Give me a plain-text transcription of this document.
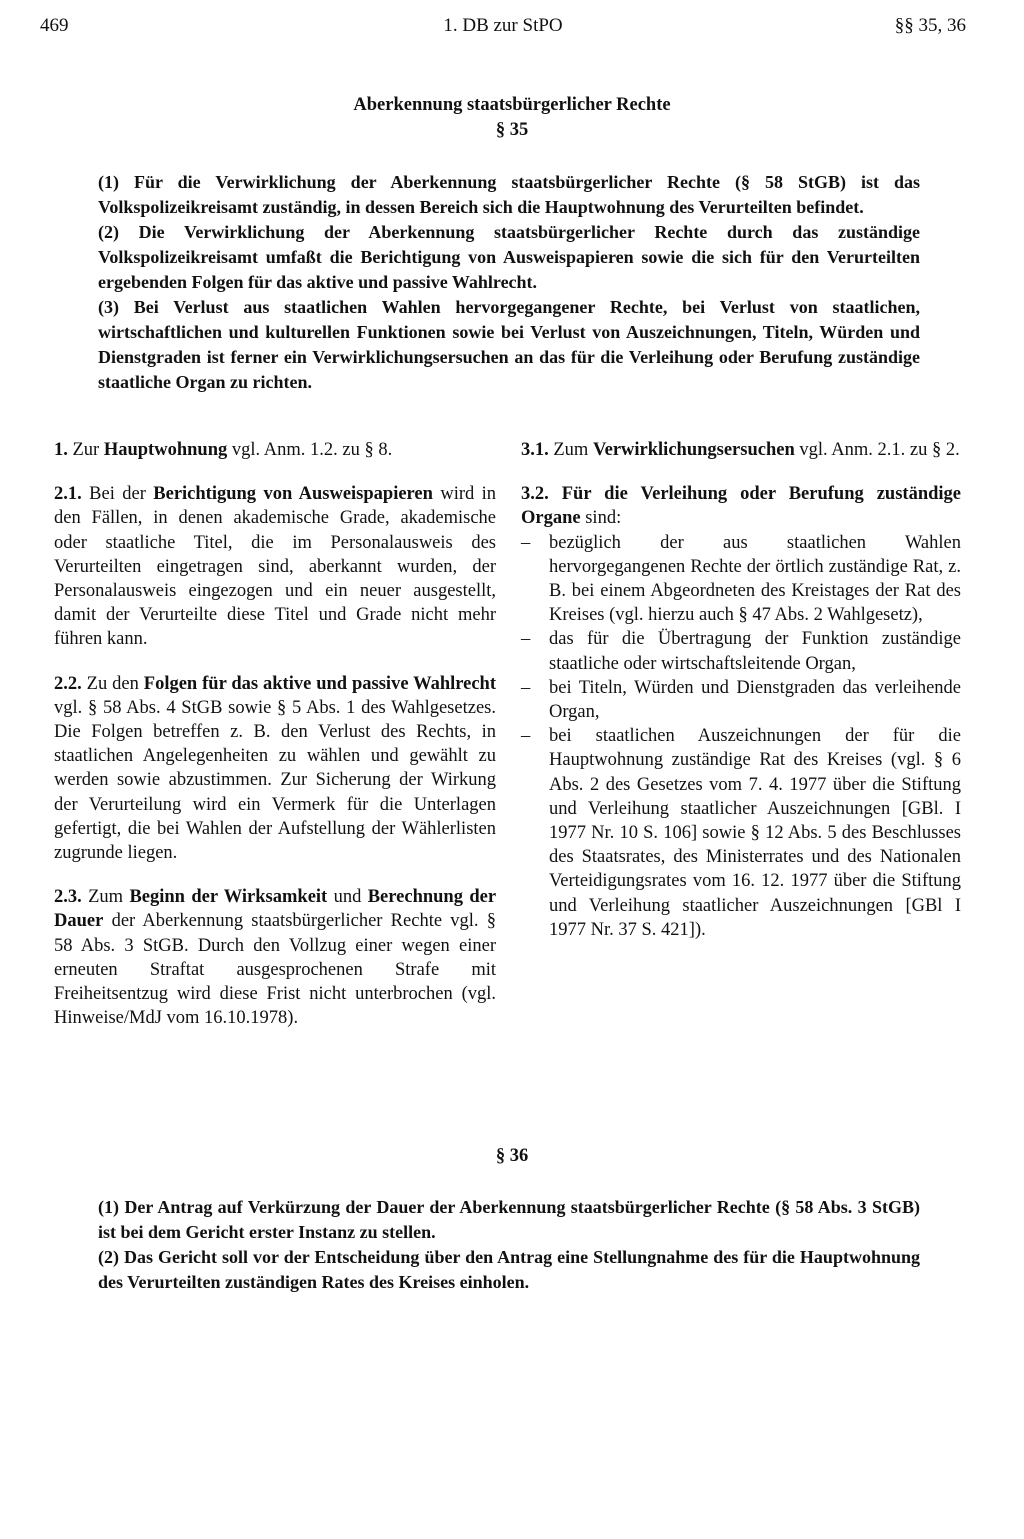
469	1. DB zur StPO	§§ 35, 36
Aberkennung staatsbürgerlicher Rechte
§ 35

(1) Für die Verwirklichung der Aberkennung staatsbürgerlicher Rechte (§ 58 StGB) ist das Volkspolizeikreisamt zuständig, in dessen Bereich sich die Hauptwohnung des Verurteilten befindet.

(2) Die Verwirklichung der Aberkennung staatsbürgerlicher Rechte durch das zuständige Volkspolizeikreisamt umfaßt die Berichtigung von Ausweispapieren sowie die sich für den Verurteilten ergebenden Folgen für das aktive und passive Wahlrecht.

(3) Bei Verlust aus staatlichen Wahlen hervorgegangener Rechte, bei Verlust von staatlichen, wirtschaftlichen und kulturellen Funktionen sowie bei Verlust von Auszeichnungen, Titeln, Würden und Dienstgraden ist ferner ein Verwirklichungsersuchen an das für die Verleihung oder Berufung zuständige staatliche Organ zu richten.

1. Zur Hauptwohnung vgl. Anm. 1.2. zu § 8.

2.1. Bei der Berichtigung von Ausweispapieren wird in den Fällen, in denen akademische Grade, akademische oder staatliche Titel, die im Personalausweis des Verurteilten eingetragen sind, aberkannt wurden, der Personalausweis eingezogen und ein neuer ausgestellt, damit der Verurteilte diese Titel und Grade nicht mehr führen kann.

2.2. Zu den Folgen für das aktive und passive Wahlrecht vgl. § 58 Abs. 4 StGB sowie § 5 Abs. 1 des Wahlgesetzes. Die Folgen betreffen z. B. den Verlust des Rechts, in staatlichen Angelegenheiten zu wählen und gewählt zu werden sowie abzustimmen. Zur Sicherung der Wirkung der Verurteilung wird ein Vermerk für die Unterlagen gefertigt, die bei Wahlen der Aufstellung der Wählerlisten zugrunde liegen.

2.3. Zum Beginn der Wirksamkeit und Berechnung der Dauer der Aberkennung staatsbürgerlicher Rechte vgl. § 58 Abs. 3 StGB. Durch den Vollzug einer wegen einer erneuten Straftat ausgesprochenen Strafe mit Freiheitsentzug wird diese Frist nicht unterbrochen (vgl. Hinweise/MdJ vom 16.10.1978).

3.1. Zum Verwirklichungsersuchen vgl. Anm. 2.1. zu § 2.

3.2. Für die Verleihung oder Berufung zuständige Organe sind:

– bezüglich der aus staatlichen Wahlen hervorgegangenen Rechte der örtlich zuständige Rat, z. B. bei einem Abgeordneten des Kreistages der Rat des Kreises (vgl. hierzu auch § 47 Abs. 2 Wahlgesetz),
– das für die Übertragung der Funktion zuständige staatliche oder wirtschaftsleitende Organ,
– bei Titeln, Würden und Dienstgraden das verleihende Organ,
– bei staatlichen Auszeichnungen der für die Hauptwohnung zuständige Rat des Kreises (vgl. § 6 Abs. 2 des Gesetzes vom 7. 4. 1977 über die Stiftung und Verleihung staatlicher Auszeichnungen [GBl. I 1977 Nr. 10 S. 106] sowie § 12 Abs. 5 des Beschlusses des Staatsrates, des Ministerrates und des Nationalen Verteidigungsrates vom 16. 12. 1977 über die Stiftung und Verleihung staatlicher Auszeichnungen [GBl I 1977 Nr. 37 S. 421]).
§ 36

(1) Der Antrag auf Verkürzung der Dauer der Aberkennung staatsbürgerlicher Rechte (§ 58 Abs. 3 StGB) ist bei dem Gericht erster Instanz zu stellen.

(2) Das Gericht soll vor der Entscheidung über den Antrag eine Stellungnahme des für die Hauptwohnung des Verurteilten zuständigen Rates des Kreises einholen.
